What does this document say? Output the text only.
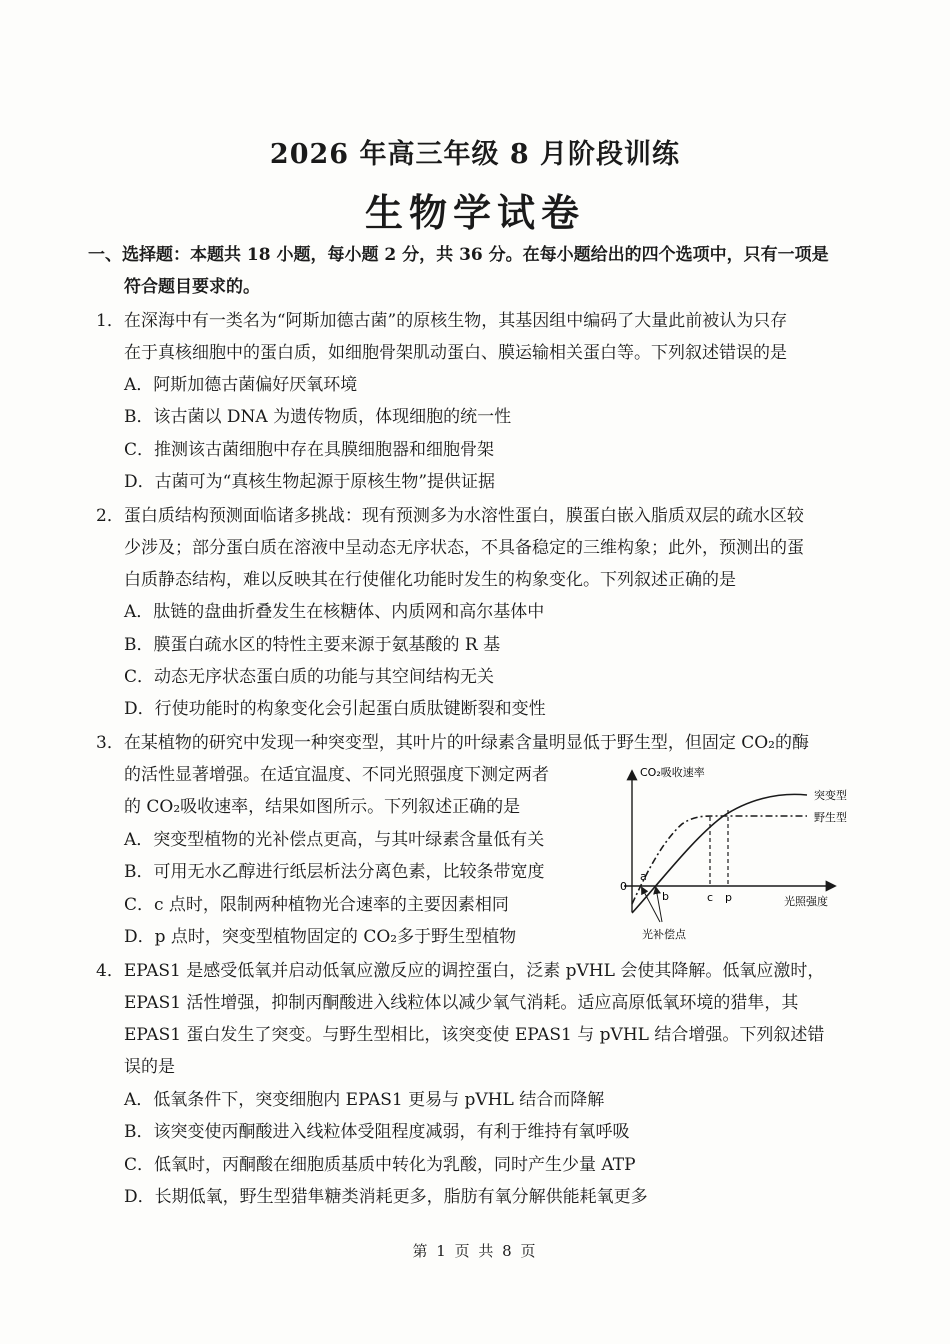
2026 年高三年级 8 月阶段训练
生物学试卷
一、选择题：本题共 18 小题，每小题 2 分，共 36 分。在每小题给出的四个选项中，只有一项是
符合题目要求的。
1．在深海中有一类名为“阿斯加德古菌”的原核生物，其基因组中编码了大量此前被认为只存
在于真核细胞中的蛋白质，如细胞骨架肌动蛋白、膜运输相关蛋白等。下列叙述错误的是
A．阿斯加德古菌偏好厌氧环境
B．该古菌以 DNA 为遗传物质，体现细胞的统一性
C．推测该古菌细胞中存在具膜细胞器和细胞骨架
D．古菌可为“真核生物起源于原核生物”提供证据
2．蛋白质结构预测面临诸多挑战：现有预测多为水溶性蛋白，膜蛋白嵌入脂质双层的疏水区较
少涉及；部分蛋白质在溶液中呈动态无序状态，不具备稳定的三维构象；此外，预测出的蛋
白质静态结构，难以反映其在行使催化功能时发生的构象变化。下列叙述正确的是
A．肽链的盘曲折叠发生在核糖体、内质网和高尔基体中
B．膜蛋白疏水区的特性主要来源于氨基酸的 R 基
C．动态无序状态蛋白质的功能与其空间结构无关
D．行使功能时的构象变化会引起蛋白质肽键断裂和变性
3．在某植物的研究中发现一种突变型，其叶片的叶绿素含量明显低于野生型，但固定 CO₂的酶
的活性显著增强。在适宜温度、不同光照强度下测定两者
的 CO₂吸收速率，结果如图所示。下列叙述正确的是
A．突变型植物的光补偿点更高，与其叶绿素含量低有关
B．可用无水乙醇进行纸层析法分离色素，比较条带宽度
C．c 点时，限制两种植物光合速率的主要因素相同
D．p 点时，突变型植物固定的 CO₂多于野生型植物
CO₂吸收速率
光照强度
0
突变型
野生型
c p
a
b
光补偿点
4．EPAS1 是感受低氧并启动低氧应激反应的调控蛋白，泛素 pVHL 会使其降解。低氧应激时，
EPAS1 活性增强，抑制丙酮酸进入线粒体以减少氧气消耗。适应高原低氧环境的猎隼，其
EPAS1 蛋白发生了突变。与野生型相比，该突变使 EPAS1 与 pVHL 结合增强。下列叙述错
误的是
A．低氧条件下，突变细胞内 EPAS1 更易与 pVHL 结合而降解
B．该突变使丙酮酸进入线粒体受阻程度减弱，有利于维持有氧呼吸
C．低氧时，丙酮酸在细胞质基质中转化为乳酸，同时产生少量 ATP
D．长期低氧，野生型猎隼糖类消耗更多，脂肪有氧分解供能耗氧更多
第 1 页 共 8 页
